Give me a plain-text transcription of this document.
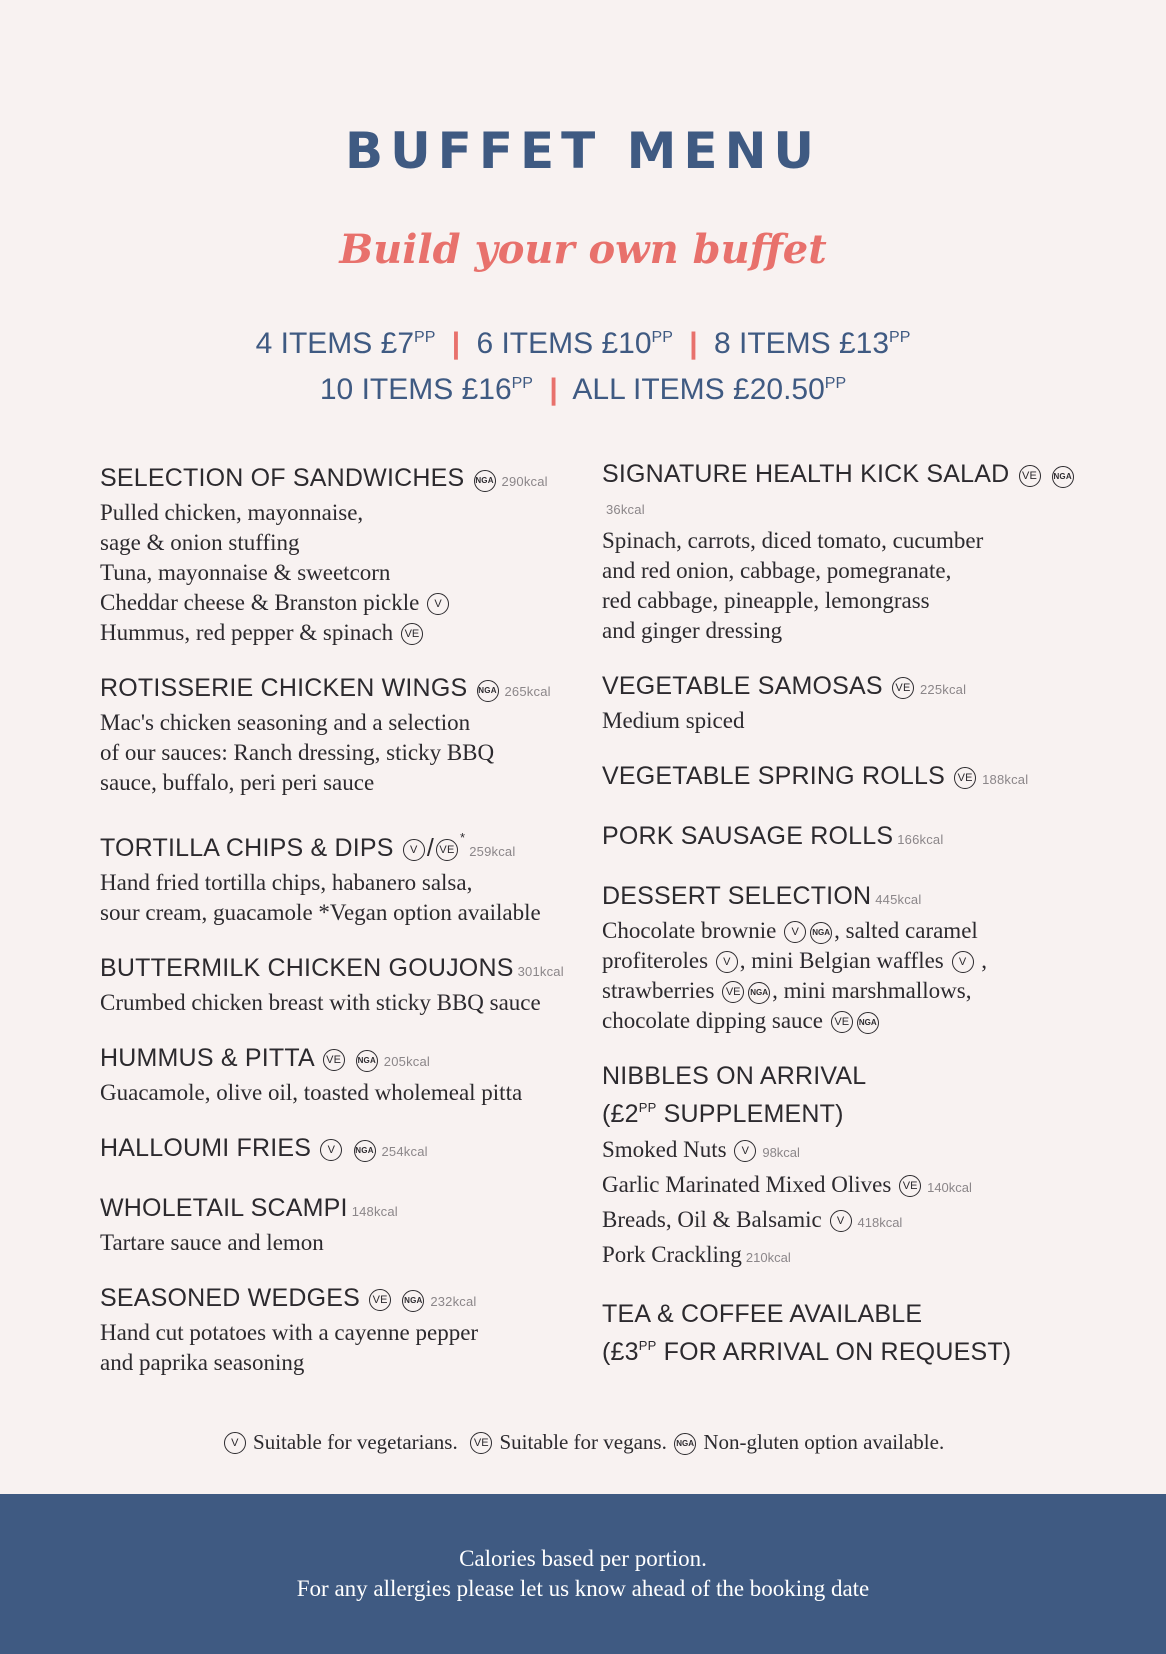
BUFFET MENU
Build your own buffet
4 ITEMS $£7^{PP}$ | 6 ITEMS $£10^{PP}$ | 8 ITEMS $£13^{PP}$
10 ITEMS $£16^{PP}$ | ALL ITEMS $£20.50^{PP}$

SELECTION OF SANDWICHES NGA 290kcal

Pulled chicken, mayonnaise,

sage & onion stuffing

Tuna, mayonnaise & sweetcorn

Cheddar cheese & Branston pickle V

Hummus, red pepper & spinach VE

ROTISSERIE CHICKEN WINGS NGA 265kcal

Mac's chicken seasoning and a selection

of our sauces: Ranch dressing, sticky BBQ

sauce, buffalo, peri peri sauce

TORTILLA CHIPS & DIPS V / VE*259kcal

Hand fried tortilla chips, habanero salsa,

sour cream, guacamole *Vegan option available

BUTTERMILK CHICKEN GOUJONS 301kcal

Crumbed chicken breast with sticky BBQ sauce

HUMMUS & PITTA VE NGA 205kcal

Guacamole, olive oil, toasted wholemeal pitta

HALLOUMI FRIES V	NGA 254kcal

WHOLETAIL SCAMPI 148kcal

Tartare sauce and lemon

SEASONED WEDGES VE NGA 232kcal

Hand cut potatoes with a cayenne pepper

and paprika seasoning

SIGNATURE HEALTH KICK SALAD VE NGA36kcal

Spinach, carrots, diced tomato, cucumber

and red onion, cabbage, pomegranate,

red cabbage, pineapple, lemongrass

and ginger dressing

VEGETABLE SAMOSAS VE 225kcal

Medium spiced

VEGETABLE SPRING ROLLS VE 188kcal

PORK SAUSAGE ROLLS 166kcal

DESSERT SELECTION 445kcal

Chocolate brownie V NGA , salted caramel

profiteroles V , mini Belgian waffles V ,

strawberries VE NGA , mini marshmallows,

chocolate dipping sauce VE NGA

NIBBLES ON ARRIVAL

($£2^{PP}$ SUPPLEMENT)

Smoked Nuts V 98kcal

Garlic Marinated Mixed Olives VE 140kcal

Breads, Oil & Balsamic V 418kcal

Pork Crackling 210kcal

TEA & COFFEE AVAILABLE

($£3^{PP}$ FOR ARRIVAL ON REQUEST)

V Suitable for vegetarians. VE Suitable for vegans. NGA Non-gluten option available.

Calories based per portion.

For any allergies please let us know ahead of the booking date
